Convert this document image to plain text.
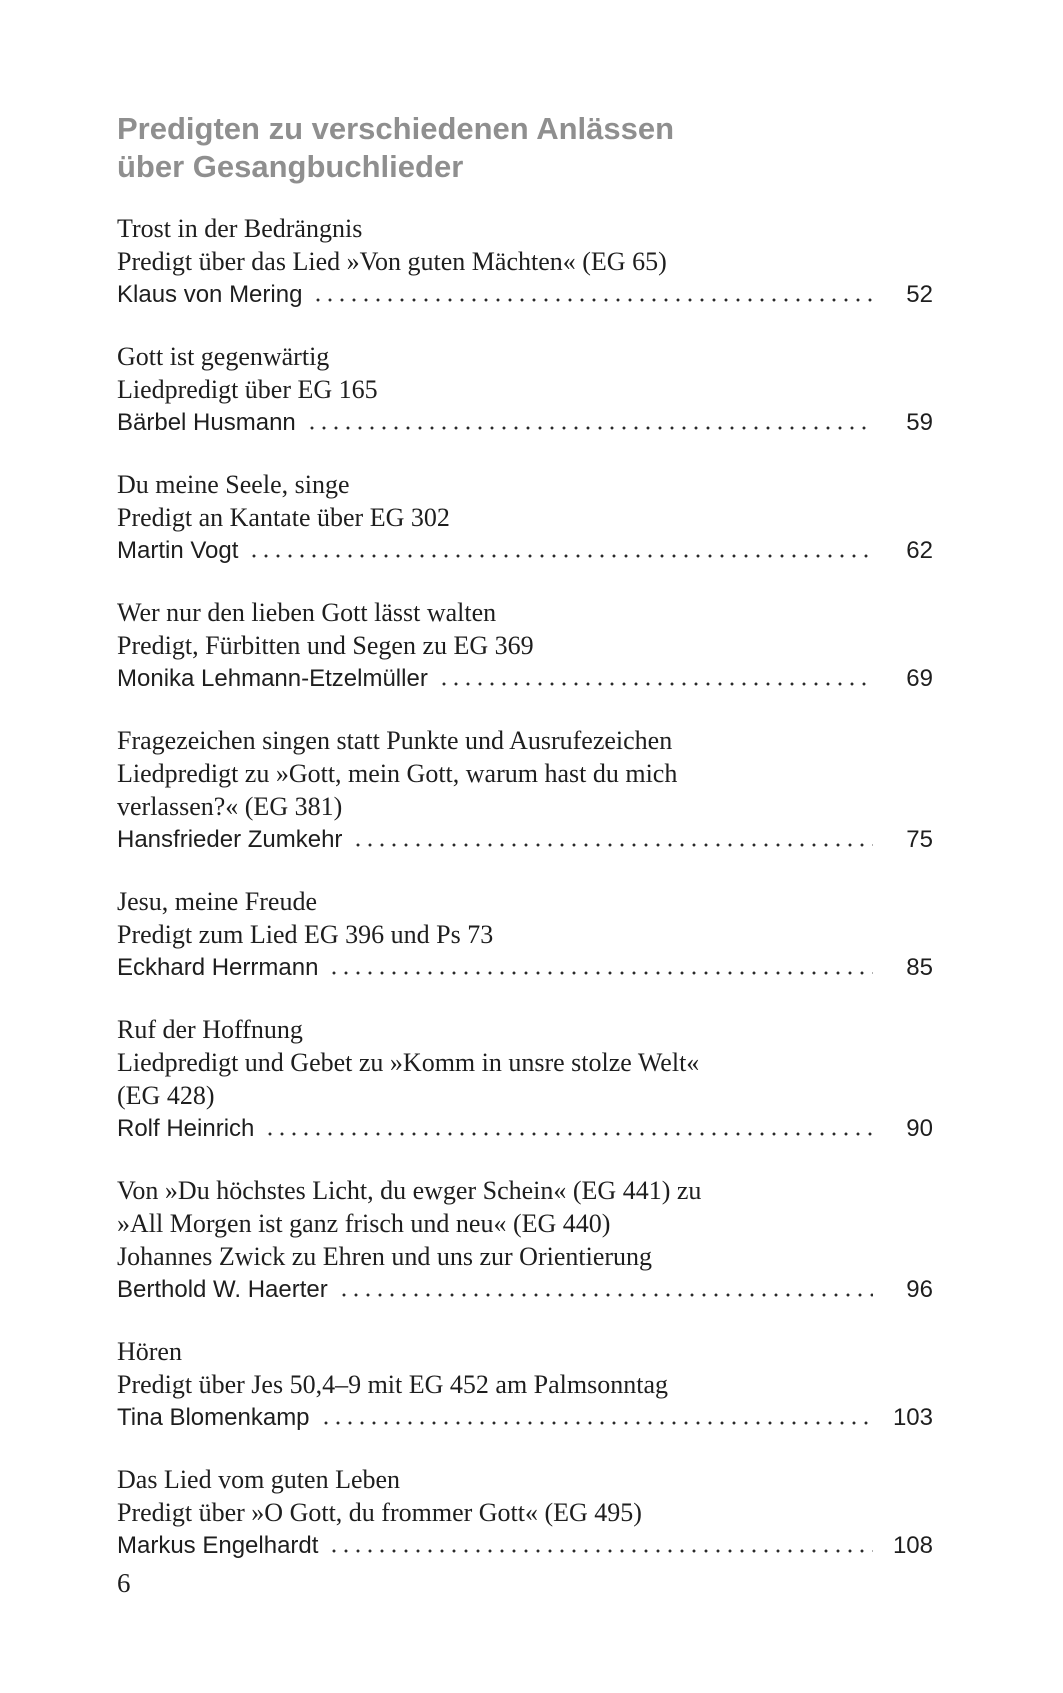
Predigten zu verschiedenen Anlässen
über Gesangbuchlieder
Trost in der Bedrängnis
Predigt über das Lied »Von guten Mächten« (EG 65)
Klaus von Mering	52
Gott ist gegenwärtig
Liedpredigt über EG 165
Bärbel Husmann	59
Du meine Seele, singe
Predigt an Kantate über EG 302
Martin Vogt	62
Wer nur den lieben Gott lässt walten
Predigt, Fürbitten und Segen zu EG 369
Monika Lehmann-Etzelmüller	69
Fragezeichen singen statt Punkte und Ausrufezeichen
Liedpredigt zu »Gott, mein Gott, warum hast du mich
verlassen?« (EG 381)
Hansfrieder Zumkehr	75
Jesu, meine Freude
Predigt zum Lied EG 396 und Ps 73
Eckhard Herrmann	85
Ruf der Hoffnung
Liedpredigt und Gebet zu »Komm in unsre stolze Welt«
(EG 428)
Rolf Heinrich	90
Von »Du höchstes Licht, du ewger Schein« (EG 441) zu
»All Morgen ist ganz frisch und neu« (EG 440)
Johannes Zwick zu Ehren und uns zur Orientierung
Berthold W. Haerter	96
Hören
Predigt über Jes 50,4–9 mit EG 452 am Palmsonntag
Tina Blomenkamp	103
Das Lied vom guten Leben
Predigt über »O Gott, du frommer Gott« (EG 495)
Markus Engelhardt	108
6
